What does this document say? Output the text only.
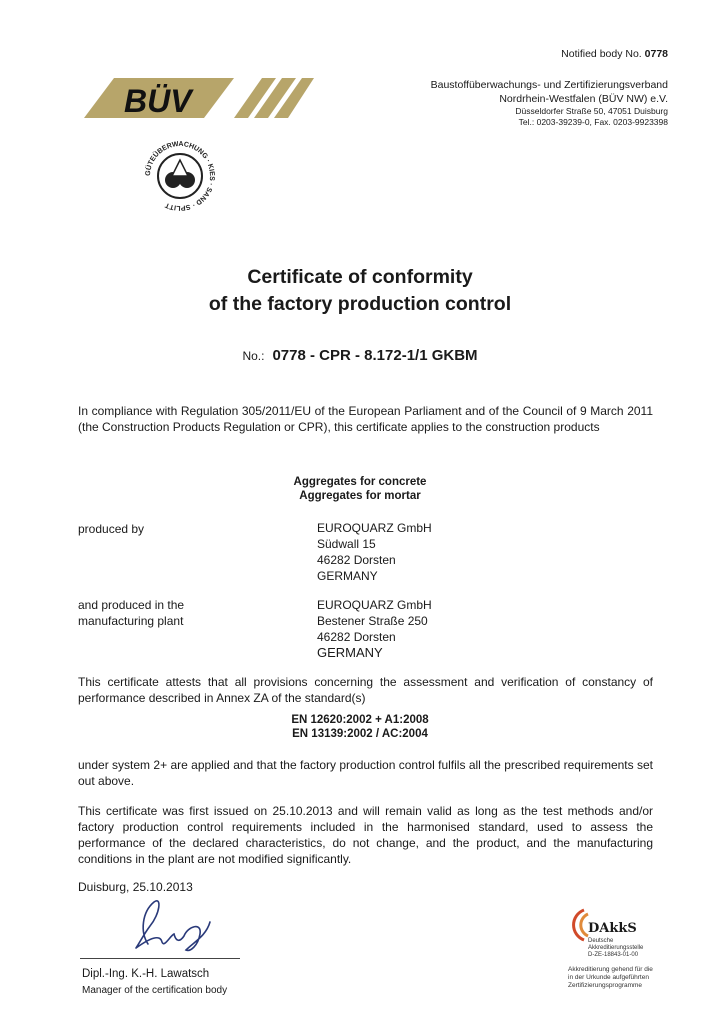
Notified body No. 0778
BÜV
GÜTEÜBERWACHUNG · KIES · SAND · SPLITT
Baustoffüberwachungs- und Zertifizierungsverband
Nordrhein-Westfalen (BÜV NW) e.V.
Düsseldorfer Straße 50, 47051 Duisburg
Tel.: 0203-39239-0, Fax. 0203-9923398
Certificate of conformity
of the factory production control
No.: 0778 - CPR - 8.172-1/1 GKBM
In compliance with Regulation 305/2011/EU of the European Parliament and of the Council of 9 March 2011 (the Construction Products Regulation or CPR), this certificate applies to the construction products
Aggregates for concrete
Aggregates for mortar
produced by	EUROQUARZ GmbH
Südwall 15
46282 Dorsten
GERMANY
and produced in the
manufacturing plant
EUROQUARZ GmbH
Bestener Straße 250
46282 Dorsten
GERMANY
This certificate attests that all provisions concerning the assessment and verification of constancy of performance described in Annex ZA of the standard(s)
EN 12620:2002 + A1:2008
EN 13139:2002 / AC:2004
under system 2+ are applied and that the factory production control fulfils all the prescribed requirements set out above.
This certificate was first issued on 25.10.2013 and will remain valid as long as the test methods and/or factory production control requirements included in the harmonised standard, used to assess the performance of the declared characteristics, do not change, and the product, and the manufacturing conditions in the plant are not modified significantly.
Duisburg, 25.10.2013
Dipl.-Ing. K.-H. Lawatsch
Manager of the certification body
DAkkS
Deutsche
Akkreditierungsstelle
D-ZE-18843-01-00
Akkreditierung gehend für die
in der Urkunde aufgeführten
Zertifizierungsprogramme
